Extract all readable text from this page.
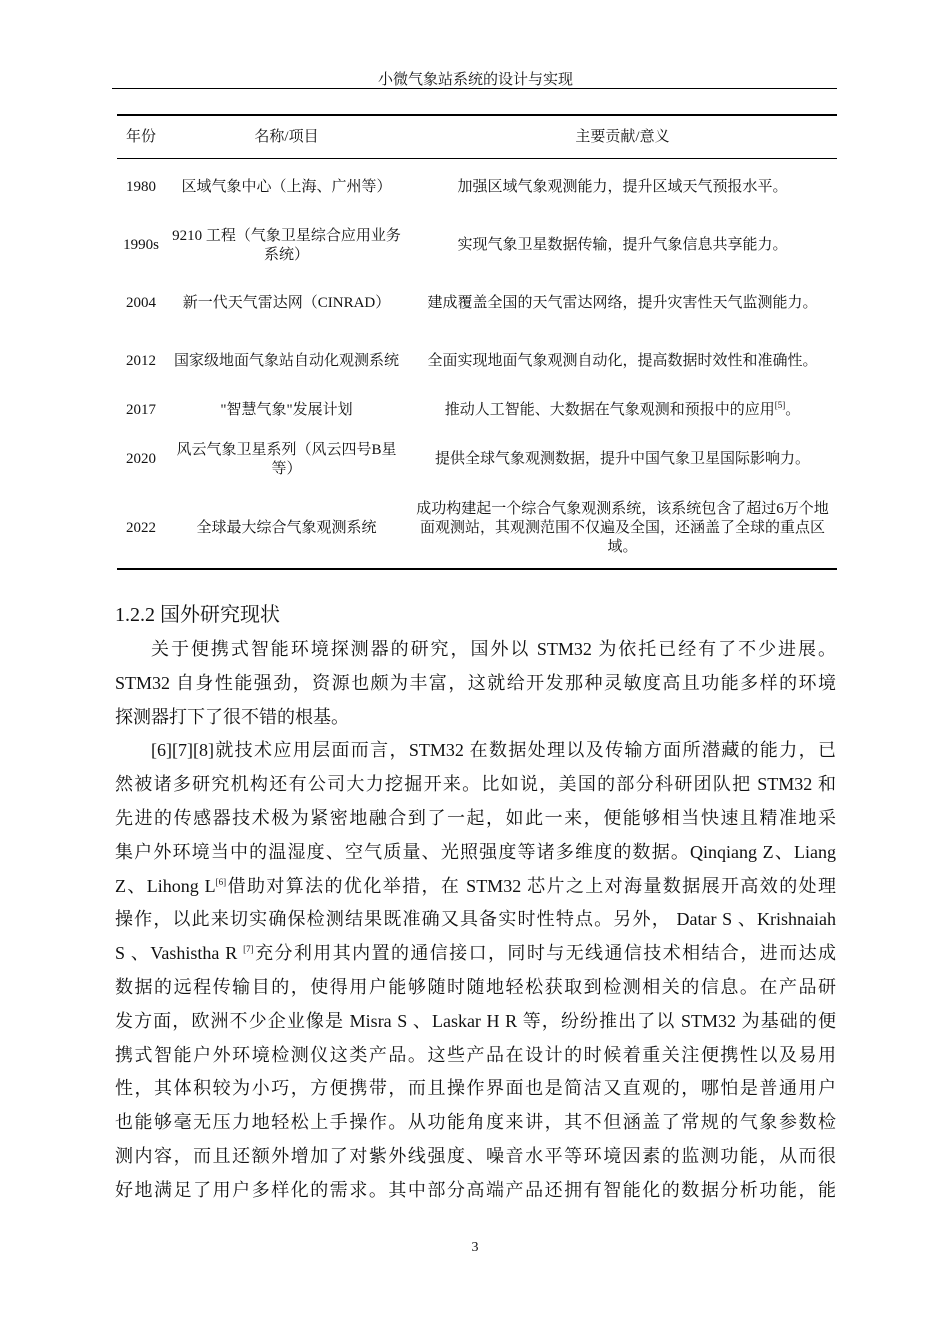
小微气象站系统的设计与实现
年份	名称/项目	主要贡献/意义
1980	区域气象中心（上海、广州等）	加强区域气象观测能力，提升区域天气预报水平。
1990s	9210 工程（气象卫星综合应用业务系统）	实现气象卫星数据传输，提升气象信息共享能力。
2004	新一代天气雷达网（CINRAD）	建成覆盖全国的天气雷达网络，提升灾害性天气监测能力。
2012	国家级地面气象站自动化观测系统	全面实现地面气象观测自动化，提高数据时效性和准确性。
2017	"智慧气象"发展计划	推动人工智能、大数据在气象观测和预报中的应用[5]。
2020	风云气象卫星系列（风云四号B星等）	提供全球气象观测数据，提升中国气象卫星国际影响力。
2022	全球最大综合气象观测系统	成功构建起一个综合气象观测系统，该系统包含了超过6万个地面观测站，其观测范围不仅遍及全国，还涵盖了全球的重点区域。
1.2.2 国外研究现状
关于便携式智能环境探测器的研究，国外以 STM32 为依托已经有了不少进展。
STM32 自身性能强劲，资源也颇为丰富，这就给开发那种灵敏度高且功能多样的环境
探测器打下了很不错的根基。
[6][7][8]就技术应用层面而言，STM32 在数据处理以及传输方面所潜藏的能力，已
然被诸多研究机构还有公司大力挖掘开来。比如说，美国的部分科研团队把 STM32 和
先进的传感器技术极为紧密地融合到了一起，如此一来，便能够相当快速且精准地采
集户外环境当中的温湿度、空气质量、光照强度等诸多维度的数据。Qinqiang Z、Liang
Z、Lihong L[6]借助对算法的优化举措，在 STM32 芯片之上对海量数据展开高效的处理
操作，以此来切实确保检测结果既准确又具备实时性特点。另外， Datar S 、Krishnaiah
S 、Vashistha R [7]充分利用其内置的通信接口，同时与无线通信技术相结合，进而达成
数据的远程传输目的，使得用户能够随时随地轻松获取到检测相关的信息。在产品研
发方面，欧洲不少企业像是 Misra S 、Laskar H R 等，纷纷推出了以 STM32 为基础的便
携式智能户外环境检测仪这类产品。这些产品在设计的时候着重关注便携性以及易用
性，其体积较为小巧，方便携带，而且操作界面也是简洁又直观的，哪怕是普通用户
也能够毫无压力地轻松上手操作。从功能角度来讲，其不但涵盖了常规的气象参数检
测内容，而且还额外增加了对紫外线强度、噪音水平等环境因素的监测功能，从而很
好地满足了用户多样化的需求。其中部分高端产品还拥有智能化的数据分析功能，能
3
